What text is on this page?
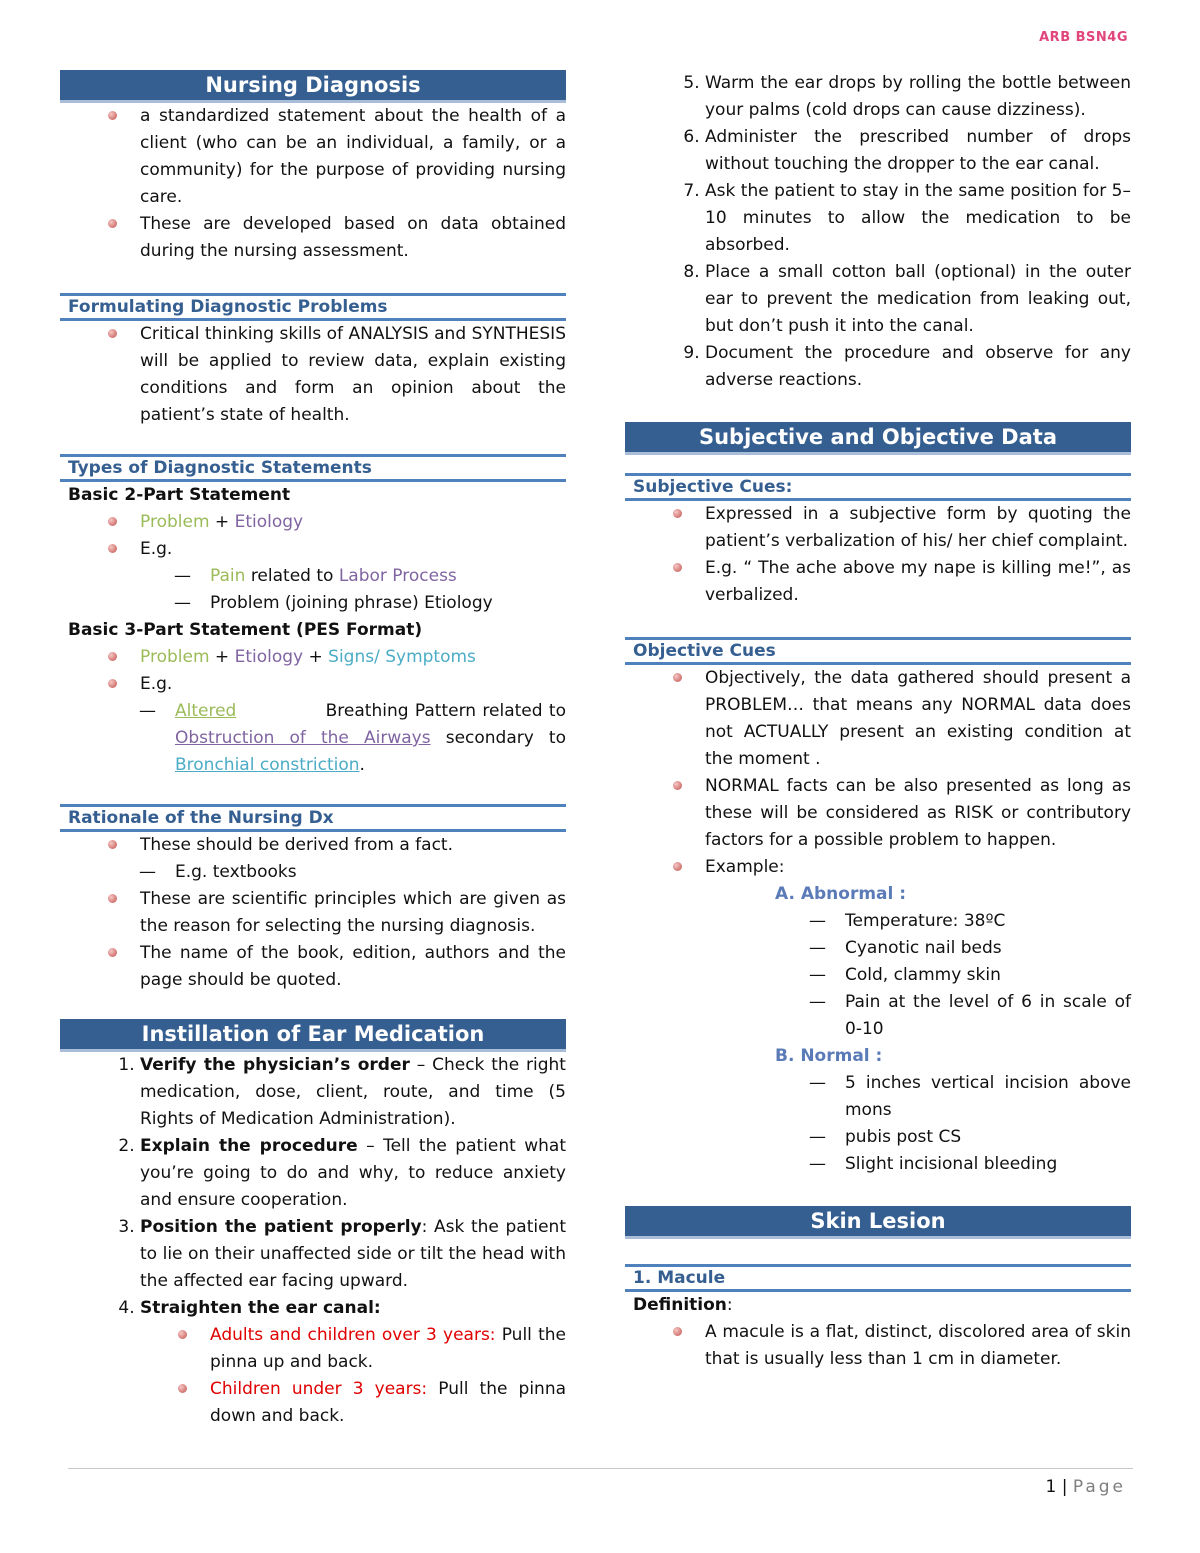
ARB BSN4G
Nursing Diagnosis
a standardized statement about the health of a client (who can be an individual, a family, or a community) for the purpose of providing nursing care.
These are developed based on data obtained during the nursing assessment.
Formulating Diagnostic Problems
Critical thinking skills of ANALYSIS and SYNTHESIS will be applied to review data, explain existing conditions and form an opinion about the patient’s state of health.
Types of Diagnostic Statements
Basic 2-Part Statement
Problem + Etiology
E.g.
— Pain related to Labor Process
— Problem (joining phrase) Etiology
Basic 3-Part Statement (PES Format)
Problem + Etiology + Signs/ Symptoms
E.g.
— Altered	Breathing Pattern related to Obstruction of the Airways secondary to Bronchial constriction.
Rationale of the Nursing Dx
These should be derived from a fact.
— E.g. textbooks
These are scientific principles which are given as the reason for selecting the nursing diagnosis.
The name of the book, edition, authors and the page should be quoted.
Instillation of Ear Medication
1. Verify the physician’s order – Check the right medication, dose, client, route, and time (5 Rights of Medication Administration).
2. Explain the procedure – Tell the patient what you’re going to do and why, to reduce anxiety and ensure cooperation.
3. Position the patient properly: Ask the patient to lie on their unaffected side or tilt the head with the affected ear facing upward.
4. Straighten the ear canal:
Adults and children over 3 years: Pull the pinna up and back.
Children under 3 years: Pull the pinna down and back.
5. Warm the ear drops by rolling the bottle between your palms (cold drops can cause dizziness).
6. Administer the prescribed number of drops without touching the dropper to the ear canal.
7. Ask the patient to stay in the same position for 5–10 minutes to allow the medication to be absorbed.
8. Place a small cotton ball (optional) in the outer ear to prevent the medication from leaking out, but don’t push it into the canal.
9. Document the procedure and observe for any adverse reactions.
Subjective and Objective Data
Subjective Cues:
Expressed in a subjective form by quoting the patient’s verbalization of his/ her chief complaint.
E.g. “ The ache above my nape is killing me!”, as verbalized.
Objective Cues
Objectively, the data gathered should present a PROBLEM… that means any NORMAL data does not ACTUALLY present an existing condition at the moment .
NORMAL facts can be also presented as long as these will be considered as RISK or contributory factors for a possible problem to happen.
Example:
A. Abnormal :
— Temperature: 38ºC
— Cyanotic nail beds
— Cold, clammy skin
— Pain at the level of 6 in scale of 0-10
B. Normal :
— 5 inches vertical incision above mons
— pubis post CS
— Slight incisional bleeding
Skin Lesion
1. Macule
Definition:
A macule is a flat, distinct, discolored area of skin that is usually less than 1 cm in diameter.
1 | Page
